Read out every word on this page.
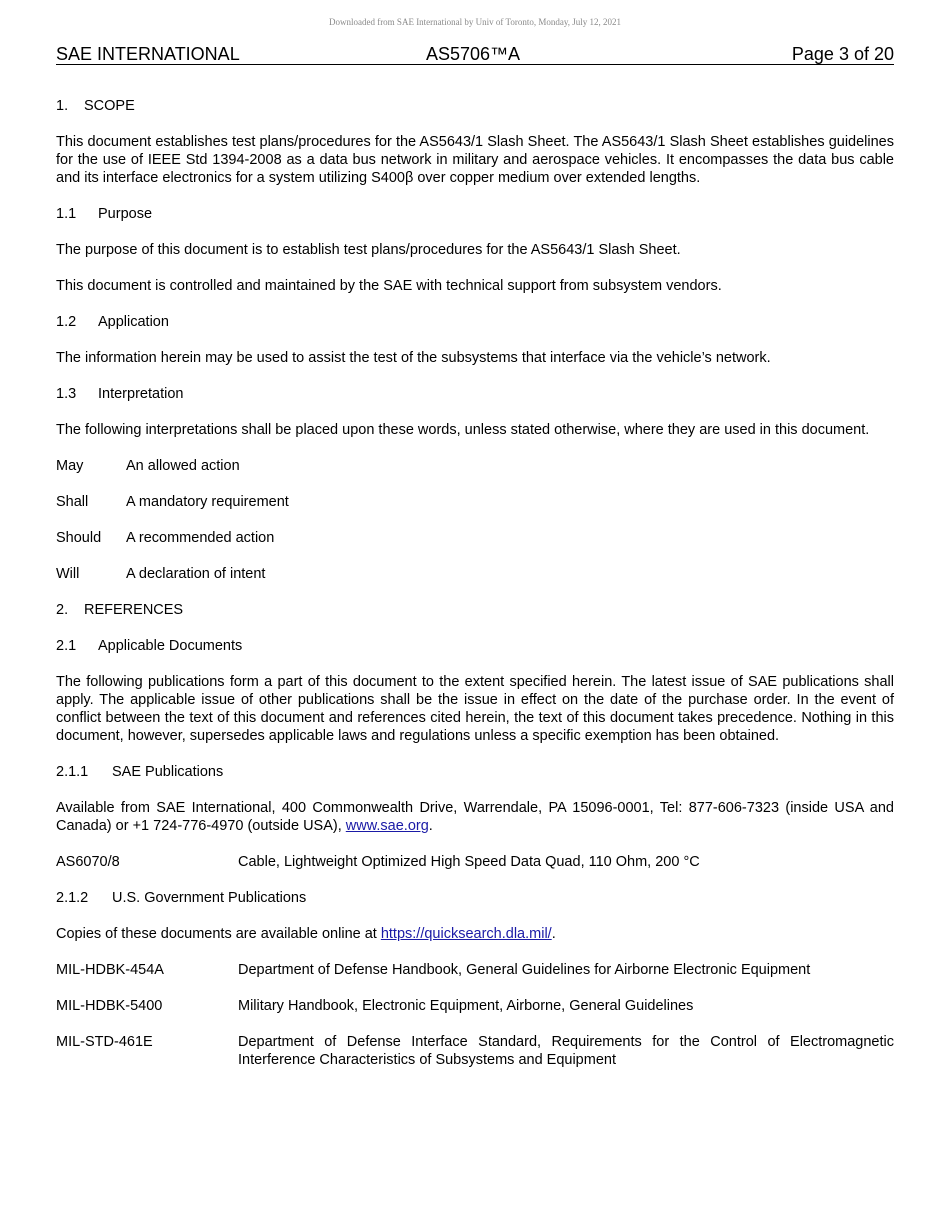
Downloaded from SAE International by Univ of Toronto, Monday, July 12, 2021
SAE INTERNATIONAL	AS5706™A	Page 3 of 20
1.	SCOPE

This document establishes test plans/procedures for the AS5643/1 Slash Sheet. The AS5643/1 Slash Sheet establishes guidelines for the use of IEEE Std 1394-2008 as a data bus network in military and aerospace vehicles. It encompasses the data bus cable and its interface electronics for a system utilizing S400β over copper medium over extended lengths.

1.1	Purpose

The purpose of this document is to establish test plans/procedures for the AS5643/1 Slash Sheet.

This document is controlled and maintained by the SAE with technical support from subsystem vendors.

1.2	Application

The information herein may be used to assist the test of the subsystems that interface via the vehicle’s network.

1.3	Interpretation

The following interpretations shall be placed upon these words, unless stated otherwise, where they are used in this document.

May	An allowed action
Shall	A mandatory requirement
Should	A recommended action
Will	A declaration of intent
2.	REFERENCES
2.1	Applicable Documents

The following publications form a part of this document to the extent specified herein. The latest issue of SAE publications shall apply. The applicable issue of other publications shall be the issue in effect on the date of the purchase order. In the event of conflict between the text of this document and references cited herein, the text of this document takes precedence. Nothing in this document, however, supersedes applicable laws and regulations unless a specific exemption has been obtained.

2.1.1	SAE Publications

Available from SAE International, 400 Commonwealth Drive, Warrendale, PA 15096-0001, Tel: 877-606-7323 (inside USA and Canada) or +1 724-776-4970 (outside USA), www.sae.org.

AS6070/8	Cable, Lightweight Optimized High Speed Data Quad, 110 Ohm, 200 °C
2.1.2	U.S. Government Publications

Copies of these documents are available online at https://quicksearch.dla.mil/.

MIL-HDBK-454A	Department of Defense Handbook, General Guidelines for Airborne Electronic Equipment
MIL-HDBK-5400	Military Handbook, Electronic Equipment, Airborne, General Guidelines
MIL-STD-461E	Department of Defense Interface Standard, Requirements for the Control of Electromagnetic Interference Characteristics of Subsystems and Equipment
